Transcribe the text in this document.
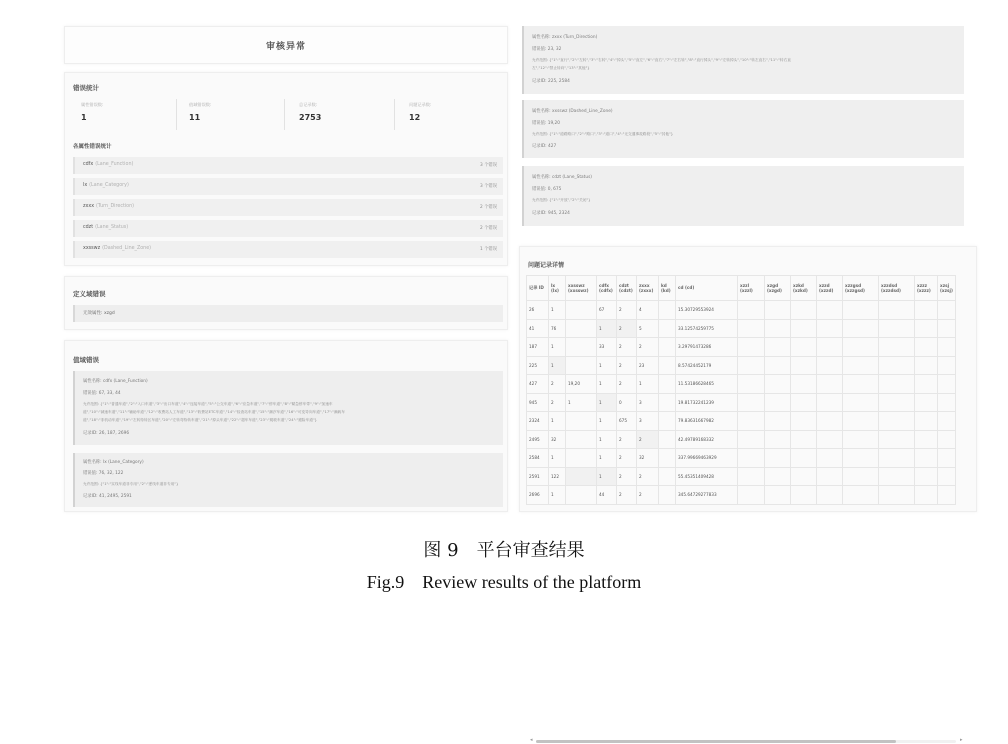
审核异常
错误统计
属性错误数:
1
值域错误数:
11
总记录数:
2753
问题记录数:
12
各属性错误统计
cdfx (Lane_Function)	3 个错误
lx (Lane_Category)	3 个错误
zxxx (Turn_Direction)	2 个错误
cdzt (Lane_Status)	2 个错误
xxsswz (Dashed_Line_Zone)	1 个错误
定义域错误
无效属性: xzgd
值域错误
属性名称: cdfx (Lane_Function)
错误值: 67, 33, 44
允许范围: {"1":"普通车道","2":"入口车道","3":"出口车道","4":"连接车道","5":"公交车道","6":"应急车道","7":"停车道","8":"紧急停车带","9":"加速车
道","10":"减速车道","11":"辅助车道","12":"收费站人工车道","13":"收费站ETC车道","14":"检查站车道","15":"潮汐车道","16":"可变导向车道","17":"满载车
道","18":"非机动车道","19":"左转待转区车道","20":"左转弯待转车道","21":"掉头车道","22":"超车车道","23":"爬坡车道","24":"避险车道"}
记录ID: 26, 187, 2696
属性名称: lx (Lane_Category)
错误值: 76, 32, 122
允许范围: {"1":"实线车道非专用","2":"虚线车道非专用"}
记录ID: 41, 2495, 2591
属性名称: zxxx (Turn_Direction)
错误值: 23, 32
允许范围: {"1":"直行","2":"左转","3":"右转","4":"掉头","5":"直左","6":"直右","7":"左右转","8":"直行掉头","9":"左转掉头","10":"转左直右","11":"转右直
左","12":"禁止转向","13":"其他"}
记录ID: 225, 2584
属性名称: xxsswz (Dashed_Line_Zone)
错误值: 19,20
允许范围: {"1":"道路路口","2":"路口","3":"道口","4":"无交通事故路段","5":"其他"}
记录ID: 427
属性名称: cdzt (Lane_Status)
错误值: 0, 675
允许范围: {"1":"开放","2":"关闭"}
记录ID: 945, 2324
问题记录详情
记录 ID	lx (lx)	xxsswz (xxsswz)	cdfx (cdfx)	cdzt (cdzt)	zxxx (zxxx)	kd (kd)	cd (cd)	xzzl (xzzl)	xzgd (xzgd)	xzkd (xzkd)	xzzd (xzzd)	xzzgsd (xzzgsd)	xzzdsd (xzzdsd)	xzzz (xzzz)	xzsj (xzsj)
26	1		67	2	4		15.30729553924								
41	76		1	2	5		33.12574259775								
187	1		33	2	2		3.29791473286								
225	1		1	2	23		8.57424452179								
427	2	19,20	1	2	1		11.53186628465								
945	2	1	1	0	3		19.81732241239								
2324	1		1	675	3		79.83631667982								
2495	32		1	2	2		42.49789168332								
2584	1		1	2	32		337.99669463929								
2591	122		1	2	2		55.45351409428								
2696	1		44	2	2		345.64729277833								
◂	▸
图 9　平台审查结果
Fig.9　Review results of the platform
